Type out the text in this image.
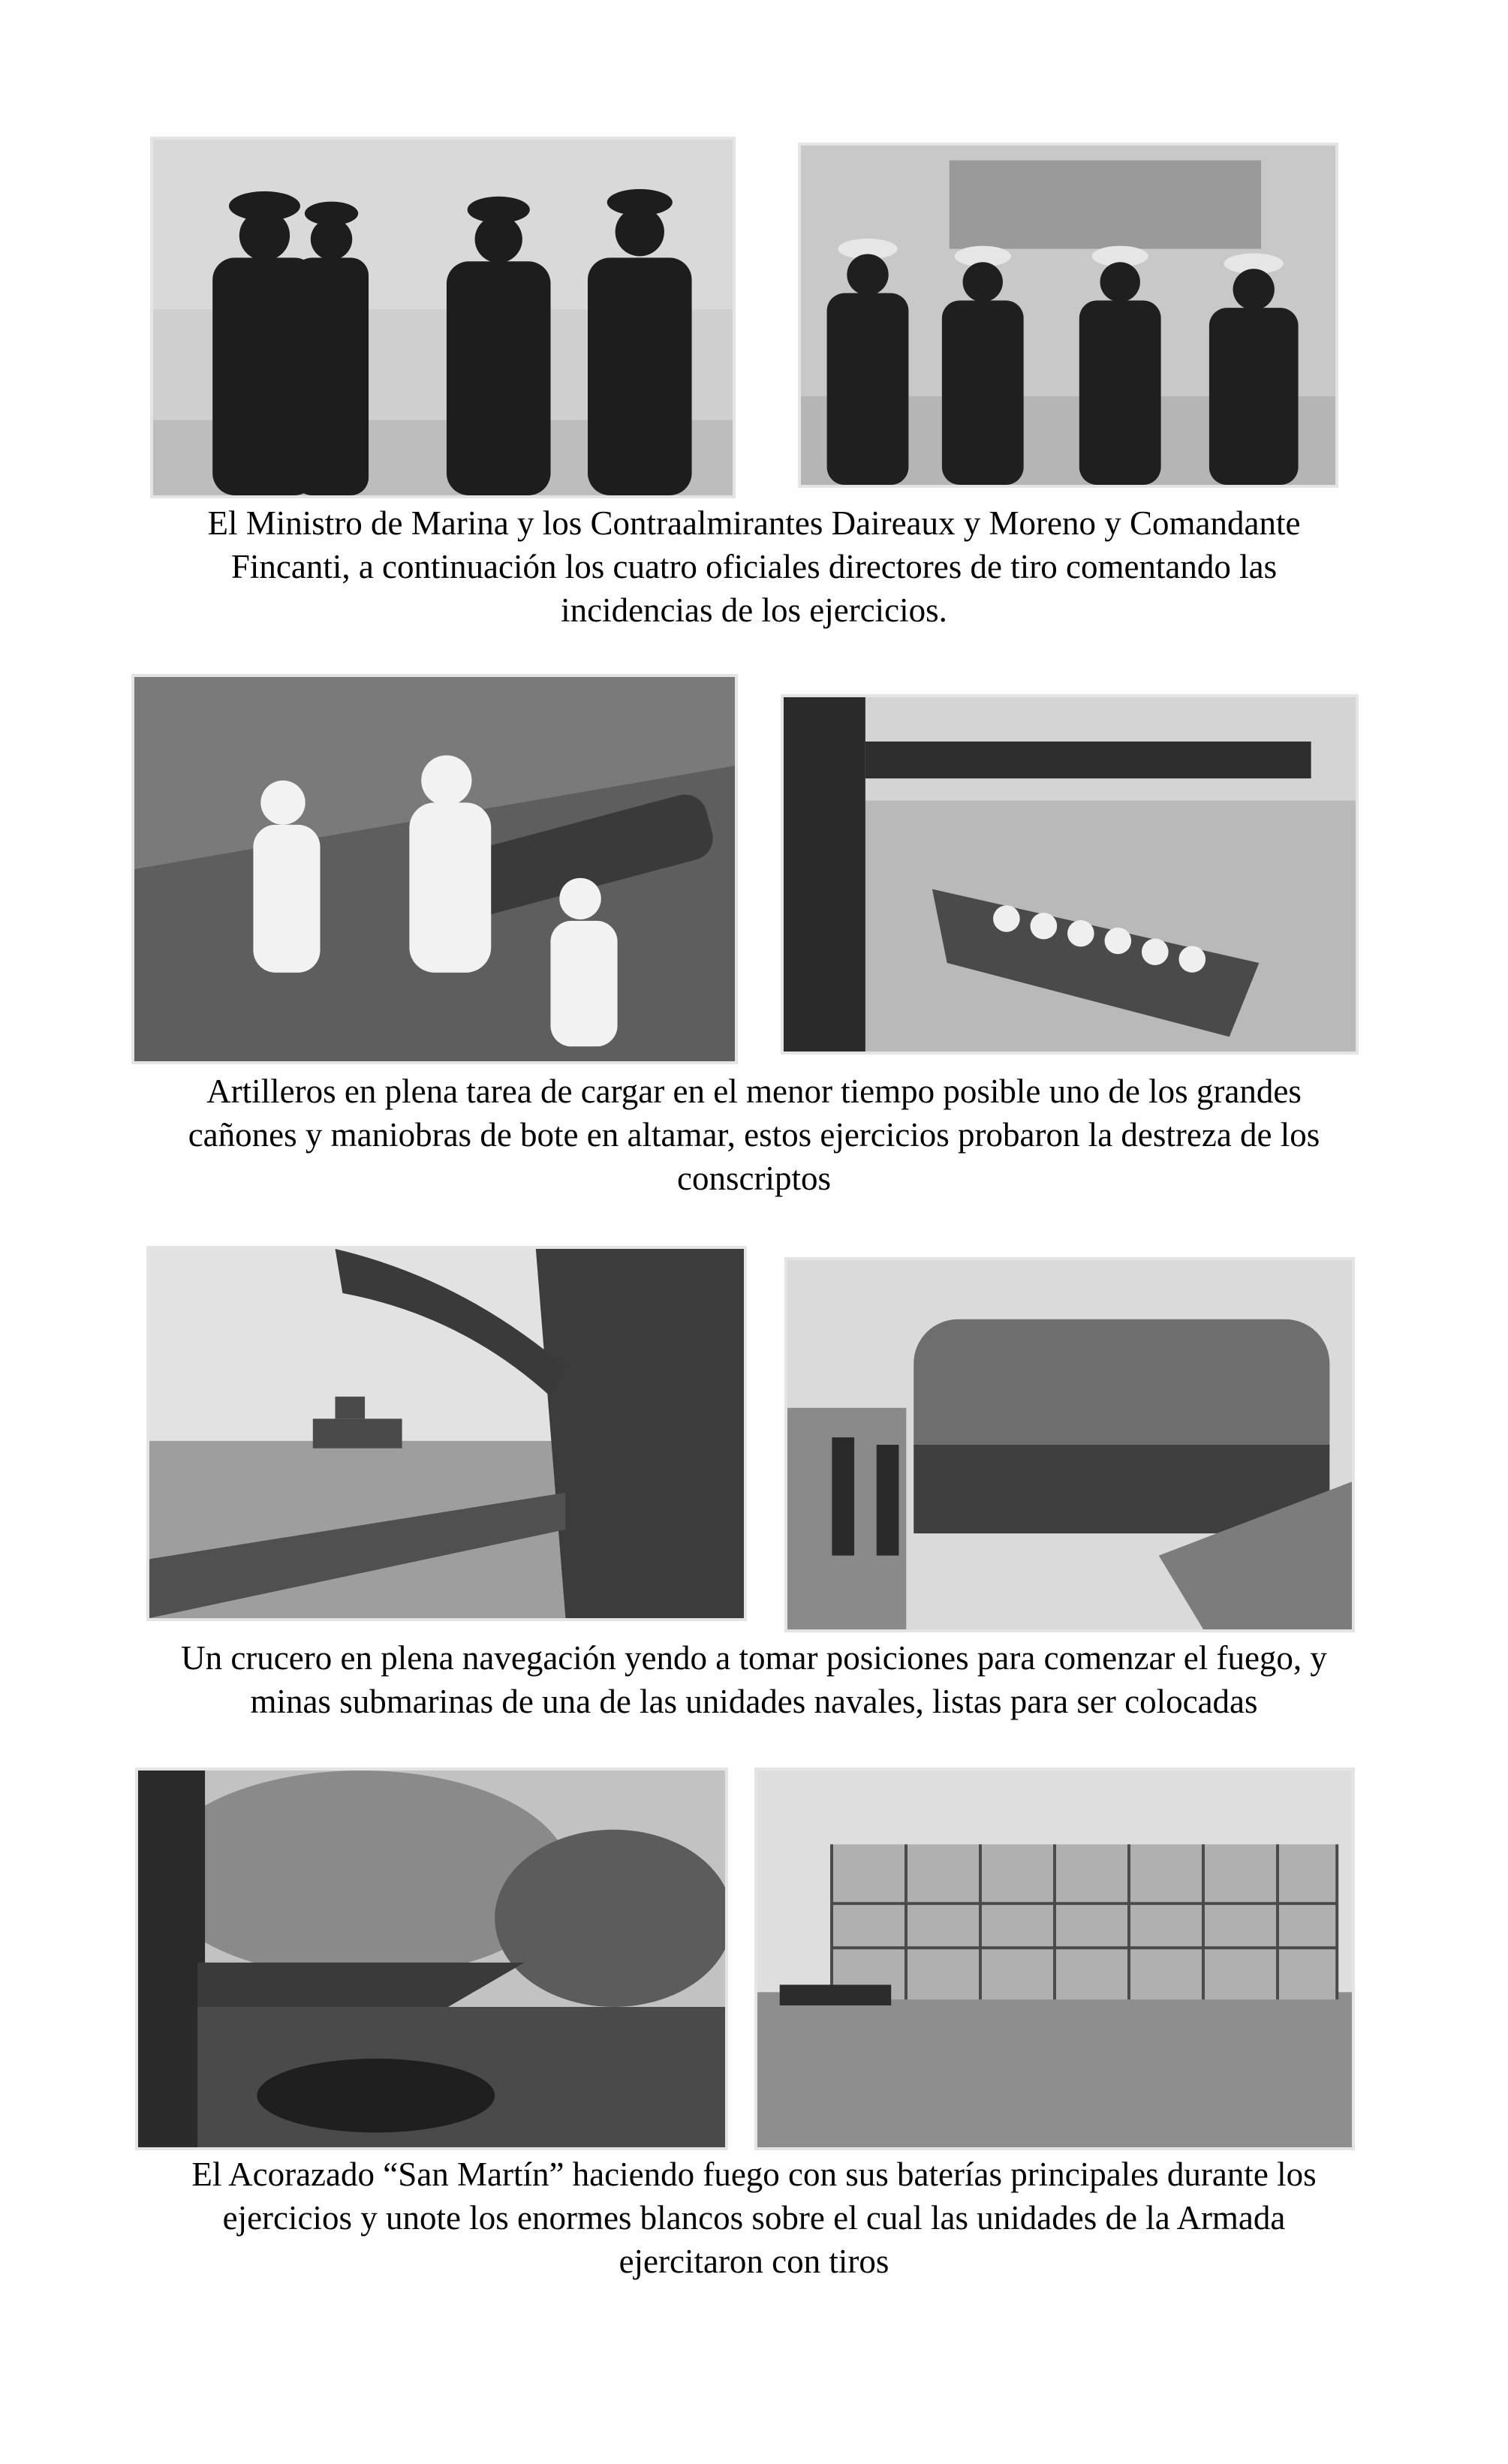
El Ministro de Marina y los Contraalmirantes Daireaux y Moreno y Comandante
Fincanti, a continuación los cuatro oficiales directores de tiro comentando las
incidencias de los ejercicios.
Artilleros en plena tarea de cargar en el menor tiempo posible uno de los grandes
cañones y maniobras de bote en altamar, estos ejercicios probaron la destreza de los
conscriptos
Un crucero en plena navegación yendo a tomar posiciones para comenzar el fuego, y
minas submarinas de una de las unidades navales, listas para ser colocadas
El Acorazado “San Martín” haciendo fuego con sus baterías principales durante los
ejercicios y unote los enormes blancos sobre el cual las unidades de la Armada
ejercitaron con tiros
